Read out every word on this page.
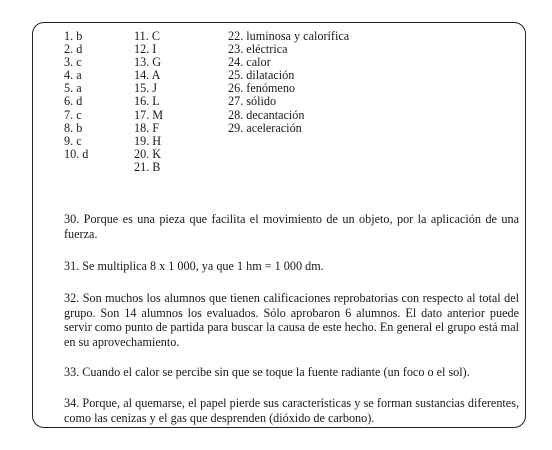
1. b
2. d
3. c
4. a
5. a
6. d
7. c
8. b
9. c
10. d
11. C
12. I
13. G
14. A
15. J
16. L
17. M
18. F
19. H
20. K
21. B
22. luminosa y calorífica
23. eléctrica
24. calor
25. dilatación
26. fenómeno
27. sólido
28. decantación
29. aceleración

30. Porque es una pieza que facilita el movimiento de un objeto, por la aplicación de una fuerza.

31. Se multiplica 8 x 1 000, ya que 1 hm = 1 000 dm.

32. Son muchos los alumnos que tienen calificaciones reprobatorias con respecto al total del grupo. Son 14 alumnos los evaluados. Sólo aprobaron 6 alumnos. El dato anterior puede servir como punto de partida para buscar la causa de este hecho. En general el grupo está mal en su aprovechamiento.

33. Cuando el calor se percibe sin que se toque la fuente radiante (un foco o el sol).

34. Porque, al quemarse, el papel pierde sus características y se forman sustancias diferentes, como las cenizas y el gas que desprenden (dióxido de carbono).
